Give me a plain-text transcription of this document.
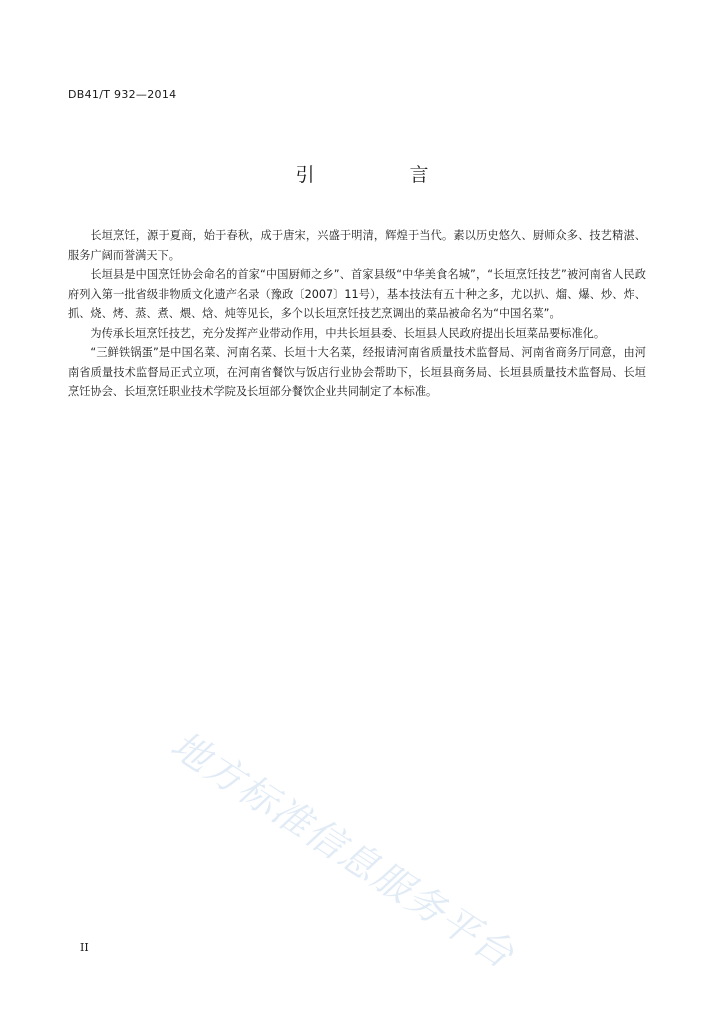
DB41/T 932—2014
引　言

长垣烹饪，源于夏商，始于春秋，成于唐宋，兴盛于明清，辉煌于当代。素以历史悠久、厨师众多、技艺精湛、服务广阔而誉满天下。

长垣县是中国烹饪协会命名的首家“中国厨师之乡”、首家县级“中华美食名城”，“长垣烹饪技艺”被河南省人民政府列入第一批省级非物质文化遗产名录（豫政〔2007〕11号），基本技法有五十种之多，尤以扒、熘、爆、炒、炸、抓、烧、烤、蒸、煮、煨、焓、炖等见长，多个以长垣烹饪技艺烹调出的菜品被命名为“中国名菜”。

为传承长垣烹饪技艺，充分发挥产业带动作用，中共长垣县委、长垣县人民政府提出长垣菜品要标准化。

“三鲜铁锅蛋”是中国名菜、河南名菜、长垣十大名菜，经报请河南省质量技术监督局、河南省商务厅同意，由河南省质量技术监督局正式立项，在河南省餐饮与饭店行业协会帮助下，长垣县商务局、长垣县质量技术监督局、长垣烹饪协会、长垣烹饪职业技术学院及长垣部分餐饮企业共同制定了本标准。

地方标准信息服务平台
II
